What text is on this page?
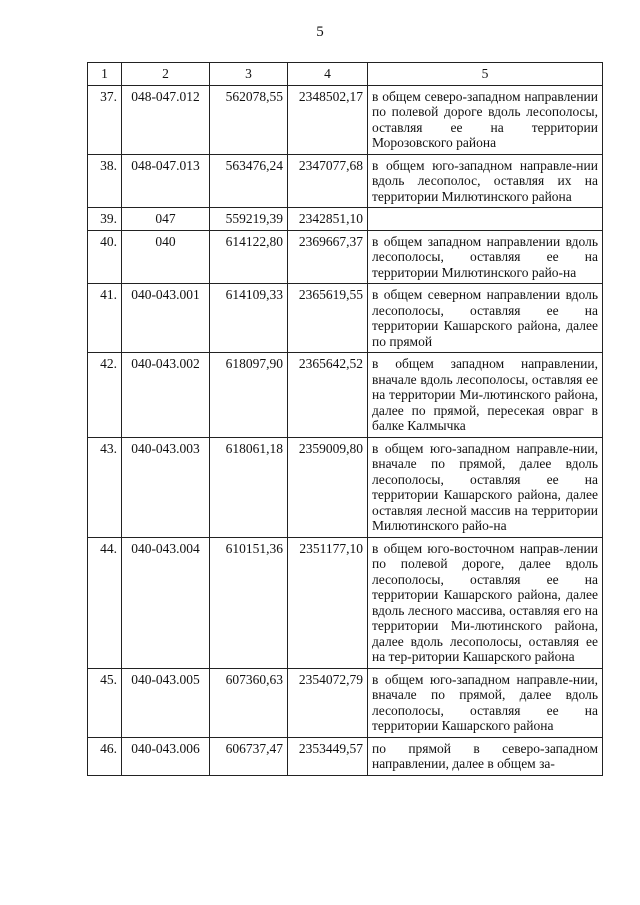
5
1	2	3	4	5
37.	048-047.012	562078,55	2348502,17	в общем северо-западном направлении по полевой дороге вдоль лесополосы, оставляя ее на территории Морозовского района
38.	048-047.013	563476,24	2347077,68	в общем юго-западном направле-нии вдоль лесополос, оставляя их на территории Милютинского района
39.	047	559219,39	2342851,10	
40.	040	614122,80	2369667,37	в общем западном направлении вдоль лесополосы, оставляя ее на территории Милютинского райо-на
41.	040-043.001	614109,33	2365619,55	в общем северном направлении вдоль лесополосы, оставляя ее на территории Кашарского района, далее по прямой
42.	040-043.002	618097,90	2365642,52	в общем западном направлении, вначале вдоль лесополосы, оставляя ее на территории Ми-лютинского района, далее по прямой, пересекая овраг в балке Калмычка
43.	040-043.003	618061,18	2359009,80	в общем юго-западном направле-нии, вначале по прямой, далее вдоль лесополосы, оставляя ее на территории Кашарского района, далее оставляя лесной массив на территории Милютинского райо-на
44.	040-043.004	610151,36	2351177,10	в общем юго-восточном направ-лении по полевой дороге, далее вдоль лесополосы, оставляя ее на территории Кашарского района, далее вдоль лесного массива, оставляя его на территории Ми-лютинского района, далее вдоль лесополосы, оставляя ее на тер-ритории Кашарского района
45.	040-043.005	607360,63	2354072,79	в общем юго-западном направле-нии, вначале по прямой, далее вдоль лесополосы, оставляя ее на территории Кашарского района
46.	040-043.006	606737,47	2353449,57	по прямой в северо-западном направлении, далее в общем за-
